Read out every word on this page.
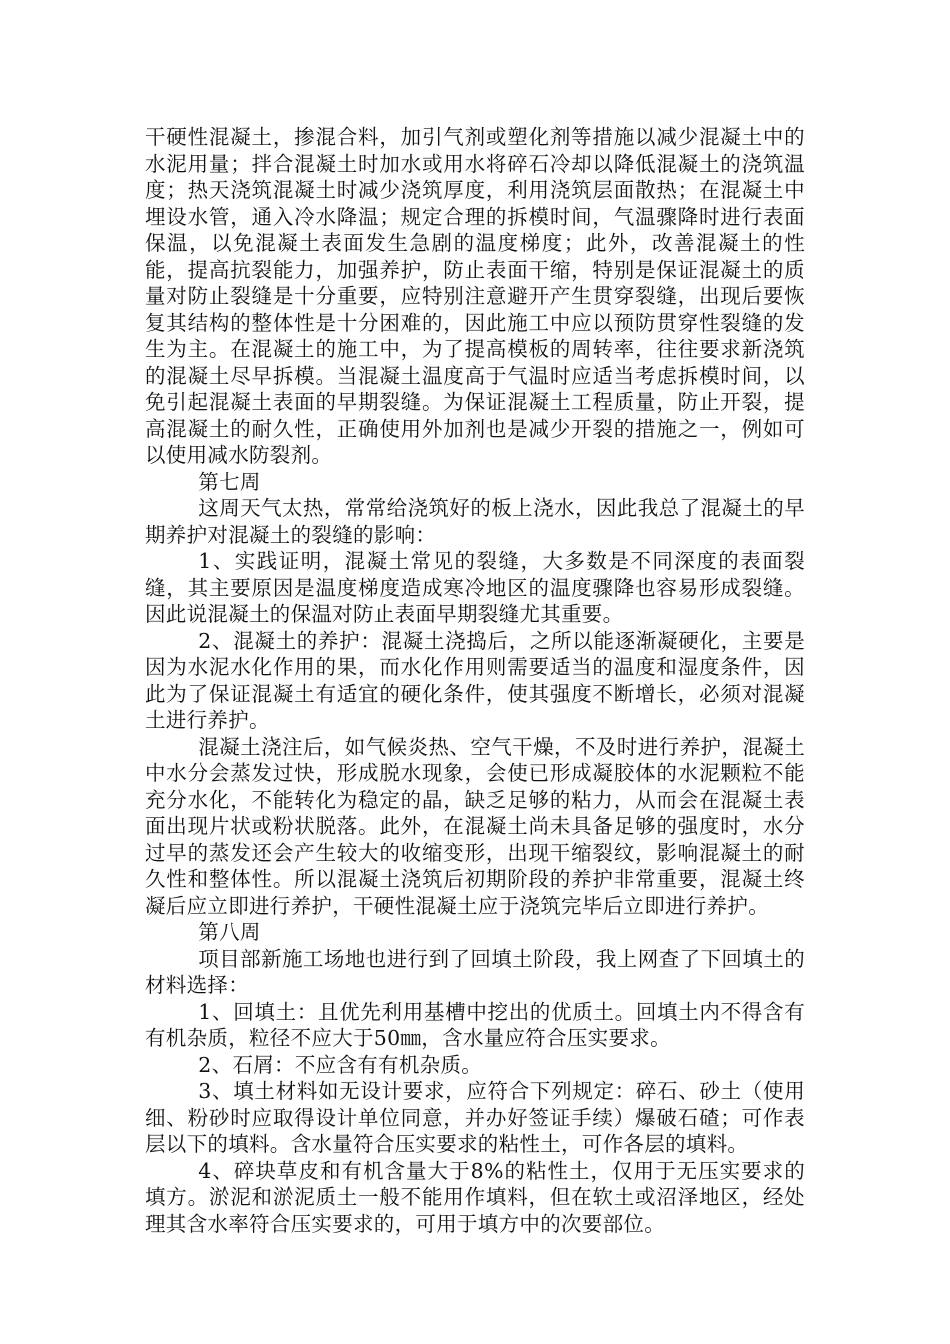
干硬性混凝土，掺混合料，加引气剂或塑化剂等措施以减少混凝土中的水泥用量；拌合混凝土时加水或用水将碎石冷却以降低混凝土的浇筑温度；热天浇筑混凝土时减少浇筑厚度，利用浇筑层面散热；在混凝土中埋设水管，通入冷水降温；规定合理的拆模时间，气温骤降时进行表面保温，以免混凝土表面发生急剧的温度梯度；此外，改善混凝土的性能，提高抗裂能力，加强养护，防止表面干缩，特别是保证混凝土的质量对防止裂缝是十分重要，应特别注意避开产生贯穿裂缝，出现后要恢复其结构的整体性是十分困难的，因此施工中应以预防贯穿性裂缝的发生为主。在混凝土的施工中，为了提高模板的周转率，往往要求新浇筑的混凝土尽早拆模。当混凝土温度高于气温时应适当考虑拆模时间，以免引起混凝土表面的早期裂缝。为保证混凝土工程质量，防止开裂，提高混凝土的耐久性，正确使用外加剂也是减少开裂的措施之一，例如可以使用减水防裂剂。

第七周

这周天气太热，常常给浇筑好的板上浇水，因此我总了混凝土的早期养护对混凝土的裂缝的影响：

1、实践证明，混凝土常见的裂缝，大多数是不同深度的表面裂缝，其主要原因是温度梯度造成寒冷地区的温度骤降也容易形成裂缝。因此说混凝土的保温对防止表面早期裂缝尤其重要。

2、混凝土的养护：混凝土浇捣后，之所以能逐渐凝硬化，主要是因为水泥水化作用的果，而水化作用则需要适当的温度和湿度条件，因此为了保证混凝土有适宜的硬化条件，使其强度不断增长，必须对混凝土进行养护。

混凝土浇注后，如气候炎热、空气干燥，不及时进行养护，混凝土中水分会蒸发过快，形成脱水现象，会使已形成凝胶体的水泥颗粒不能充分水化，不能转化为稳定的晶，缺乏足够的粘力，从而会在混凝土表面出现片状或粉状脱落。此外，在混凝土尚未具备足够的强度时，水分过早的蒸发还会产生较大的收缩变形，出现干缩裂纹，影响混凝土的耐久性和整体性。所以混凝土浇筑后初期阶段的养护非常重要，混凝土终凝后应立即进行养护，干硬性混凝土应于浇筑完毕后立即进行养护。

第八周

项目部新施工场地也进行到了回填土阶段，我上网查了下回填土的材料选择：

1、回填土：且优先利用基槽中挖出的优质土。回填土内不得含有有机杂质，粒径不应大于50㎜，含水量应符合压实要求。

2、石屑：不应含有有机杂质。

3、填土材料如无设计要求，应符合下列规定：碎石、砂土（使用细、粉砂时应取得设计单位同意，并办好签证手续）爆破石碴；可作表层以下的填料。含水量符合压实要求的粘性土，可作各层的填料。

4、碎块草皮和有机含量大于8%的粘性土，仅用于无压实要求的填方。淤泥和淤泥质土一般不能用作填料，但在软土或沼泽地区，经处理其含水率符合压实要求的，可用于填方中的次要部位。
